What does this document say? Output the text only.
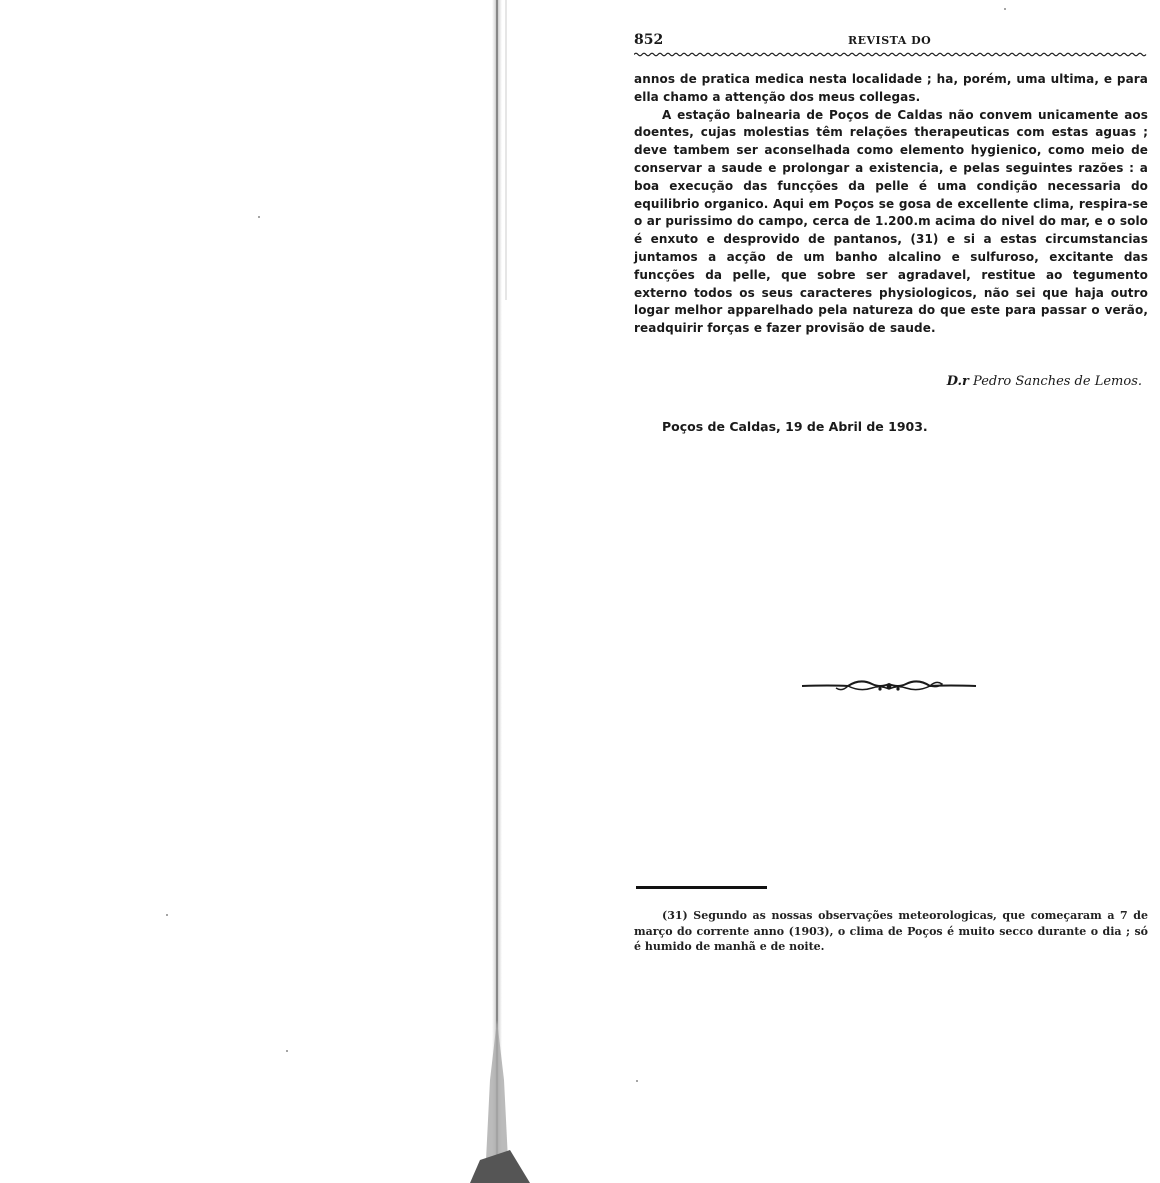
852	REVISTA DO

annos de pratica medica nesta localidade ; ha, porém, uma ultima, e para ella chamo a attenção dos meus collegas.

A estação balnearia de Poços de Caldas não convem unicamente aos doentes, cujas molestias têm relações therapeuticas com estas aguas ; deve tambem ser aconselhada como elemento hygienico, como meio de conservar a saude e prolongar a existencia, e pelas seguintes razões : a boa execução das funcções da pelle é uma condição necessaria do equilibrio organico. Aqui em Poços se gosa de excellente clima, respira-se o ar purissimo do campo, cerca de 1.200.m acima do nivel do mar, e o solo é enxuto e desprovido de pantanos, (31) e si a estas circumstancias juntamos a acção de um banho alcalino e sulfuroso, excitante das funcções da pelle, que sobre ser agradavel, restitue ao tegumento externo todos os seus caracteres physiologicos, não sei que haja outro logar melhor apparelhado pela natureza do que este para passar o verão, readquirir forças e fazer provisão de saude.

D.r Pedro Sanches de Lemos.
Poços de Caldas, 19 de Abril de 1903.
(31) Segundo as nossas observações meteorologicas, que começaram a 7 de março do corrente anno (1903), o clima de Poços é muito secco durante o dia ; só é humido de manhã e de noite.
